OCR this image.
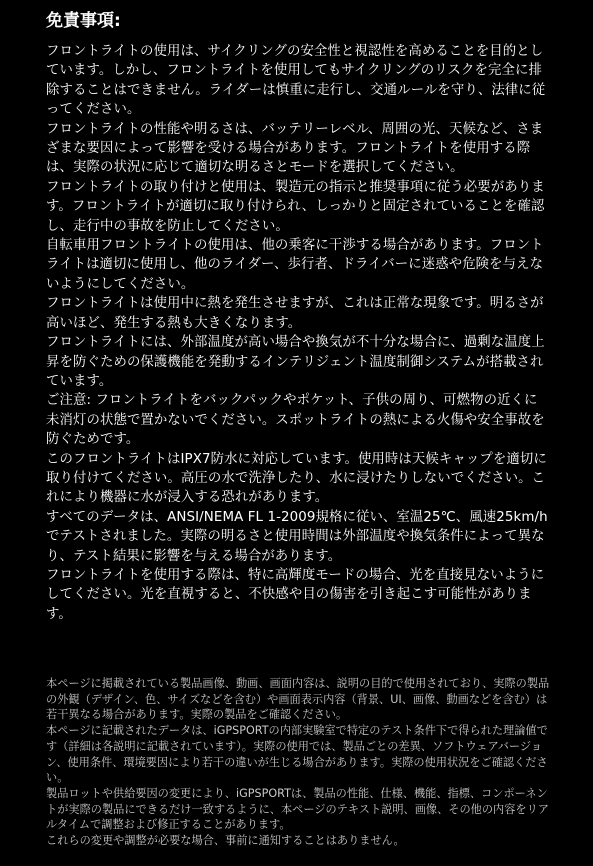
免責事項:
フロントライトの使用は、サイクリングの安全性と視認性を高めることを目的としています。しかし、フロントライトを使用してもサイクリングのリスクを完全に排除することはできません。ライダーは慎重に走行し、交通ルールを守り、法律に従ってください。
フロントライトの性能や明るさは、バッテリーレベル、周囲の光、天候など、さまざまな要因によって影響を受ける場合があります。フロントライトを使用する際は、実際の状況に応じて適切な明るさとモードを選択してください。
フロントライトの取り付けと使用は、製造元の指示と推奨事項に従う必要があります。フロントライトが適切に取り付けられ、しっかりと固定されていることを確認し、走行中の事故を防止してください。
自転車用フロントライトの使用は、他の乗客に干渉する場合があります。フロントライトは適切に使用し、他のライダー、歩行者、ドライバーに迷惑や危険を与えないようにしてください。
フロントライトは使用中に熱を発生させますが、これは正常な現象です。明るさが高いほど、発生する熱も大きくなります。
フロントライトには、外部温度が高い場合や換気が不十分な場合に、過剰な温度上昇を防ぐための保護機能を発動するインテリジェント温度制御システムが搭載されています。
ご注意: フロントライトをバックパックやポケット、子供の周り、可燃物の近くに未消灯の状態で置かないでください。スポットライトの熱による火傷や安全事故を防ぐためです。
このフロントライトはIPX7防水に対応しています。使用時は天候キャップを適切に取り付けてください。高圧の水で洗浄したり、水に浸けたりしないでください。これにより機器に水が浸入する恐れがあります。
すべてのデータは、ANSI/NEMA FL 1-2009規格に従い、室温25℃、風速25km/hでテストされました。実際の明るさと使用時間は外部温度や換気条件によって異なり、テスト結果に影響を与える場合があります。
フロントライトを使用する際は、特に高輝度モードの場合、光を直接見ないようにしてください。光を直視すると、不快感や目の傷害を引き起こす可能性があります。
本ページに掲載されている製品画像、動画、画面内容は、説明の目的で使用されており、実際の製品の外観（デザイン、色、サイズなどを含む）や画面表示内容（背景、UI、画像、動画などを含む）は若干異なる場合があります。実際の製品をご確認ください。
本ページに記載されたデータは、iGPSPORTの内部実験室で特定のテスト条件下で得られた理論値です（詳細は各説明に記載されています）。実際の使用では、製品ごとの差異、ソフトウェアバージョン、使用条件、環境要因により若干の違いが生じる場合があります。実際の使用状況をご確認ください。
製品ロットや供給要因の変更により、iGPSPORTは、製品の性能、仕様、機能、指標、コンポーネントが実際の製品にできるだけ一致するように、本ページのテキスト説明、画像、その他の内容をリアルタイムで調整および修正することがあります。
これらの変更や調整が必要な場合、事前に通知することはありません。
